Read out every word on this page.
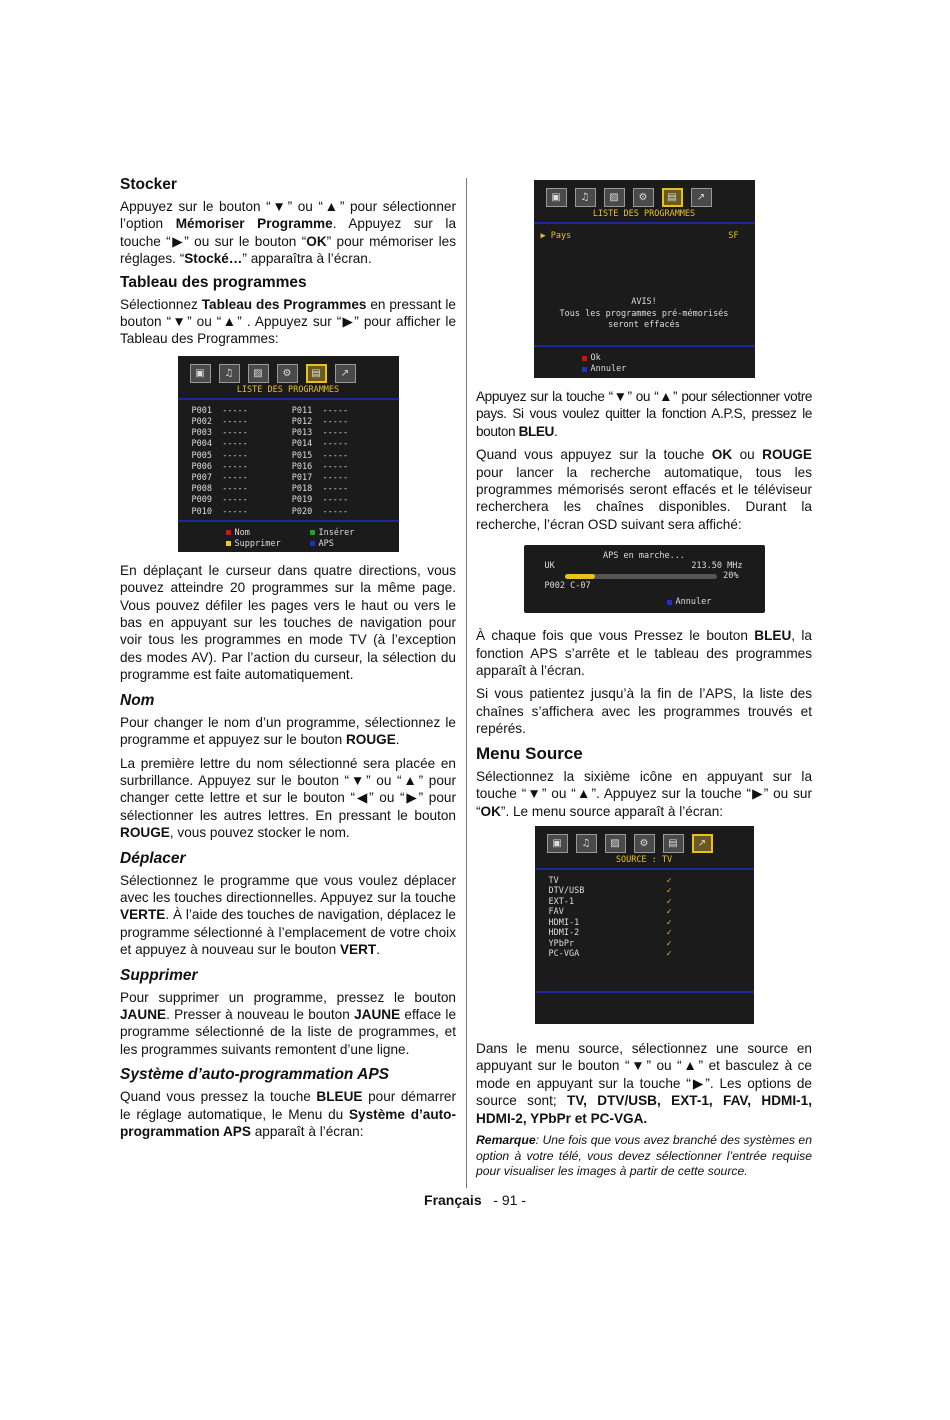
Stocker

Appuyez sur le bouton “▼” ou “▲” pour sélectionner l’option Mémoriser Programme. Appuyez sur la touche “▶” ou sur le bouton “OK” pour mémoriser les réglages. “Stocké…” apparaîtra à l’écran.

Tableau des programmes

Sélectionnez Tableau des Programmes en pressant le bouton “▼” ou “▲” . Appuyez sur “▶” pour afficher le Tableau des Programmes:

▣	♫	▨	⚙	▤	↗
LISTE DES PROGRAMMES
P001  -----
P002  -----
P003  -----
P004  -----
P005  -----
P006  -----
P007  -----
P008  -----
P009  -----
P010  -----
P011  -----
P012  -----
P013  -----
P014  -----
P015  -----
P016  -----
P017  -----
P018  -----
P019  -----
P020  -----
Nom	Insérer
Supprimer	APS

En déplaçant le curseur dans quatre directions, vous pouvez atteindre 20 programmes sur la même page. Vous pouvez défiler les pages vers le haut ou vers le bas en appuyant sur les touches de navigation pour voir tous les programmes en mode TV (à l’exception des modes AV). Par l’action du curseur, la sélection du programme est faite automatiquement.

Nom

Pour changer le nom d’un programme, sélectionnez le programme et appuyez sur le bouton ROUGE.

La première lettre du nom sélectionné sera placée en surbrillance. Appuyez sur le bouton “▼” ou “▲” pour changer cette lettre et sur le bouton “◀” ou “▶” pour sélectionner les autres lettres. En pressant le bouton ROUGE, vous pouvez stocker le nom.

Déplacer

Sélectionnez le programme que vous voulez déplacer avec les touches directionnelles. Appuyez sur la touche VERTE. À l’aide des touches de navigation, déplacez le programme sélectionné à l’emplacement de votre choix et appuyez à nouveau sur le bouton VERT.

Supprimer

Pour supprimer un programme, pressez le bouton JAUNE. Presser à nouveau le bouton JAUNE efface le programme sélectionné de la liste de programmes, et les programmes suivants remontent d’une ligne.

Système d’auto-programmation APS

Quand vous pressez la touche BLEUE pour démarrer le réglage automatique, le Menu du Système d’auto-programmation APS apparaît à l’écran:

▣	♫	▨	⚙	▤	↗
LISTE DES PROGRAMMES
▶ Pays	SF
AVIS!
Tous les programmes pré-mémorisés
seront effacés
Ok
Annuler

Appuyez sur la touche “▼” ou “▲” pour sélectionner votre pays. Si vous voulez quitter la fonction A.P.S, pressez le bouton BLEU.

Quand vous appuyez sur la touche OK ou ROUGE pour lancer la recherche automatique, tous les programmes mémorisés seront effacés et le téléviseur recherchera les chaînes disponibles. Durant la recherche, l’écran OSD suivant sera affiché:

APS en marche...
UK	213.50 MHz
20%
P002 C-07
Annuler

À chaque fois que vous Pressez le bouton BLEU, la fonction APS s’arrête et le tableau des programmes apparaît à l’écran.

Si vous patientez jusqu’à la fin de l’APS, la liste des chaînes s’affichera avec les programmes trouvés et repérés.

Menu Source

Sélectionnez la sixième icône en appuyant sur la touche “▼” ou “▲”. Appuyez sur la touche “▶” ou sur “OK”. Le menu source apparaît à l’écran:

▣	♫	▨	⚙	▤	↗
SOURCE : TV
TV	✓
DTV/USB	✓
EXT-1	✓
FAV	✓
HDMI-1	✓
HDMI-2	✓
YPbPr	✓
PC-VGA	✓

Dans le menu source, sélectionnez une source en appuyant sur le bouton “▼” ou “▲” et basculez à ce mode en appuyant sur la touche “▶”. Les options de source sont; TV, DTV/USB, EXT-1, FAV, HDMI-1, HDMI-2, YPbPr et PC-VGA.

Remarque: Une fois que vous avez branché des systèmes en option à votre télé, vous devez sélectionner l’entrée requise pour visualiser les images à partir de cette source.

Français - 91 -
